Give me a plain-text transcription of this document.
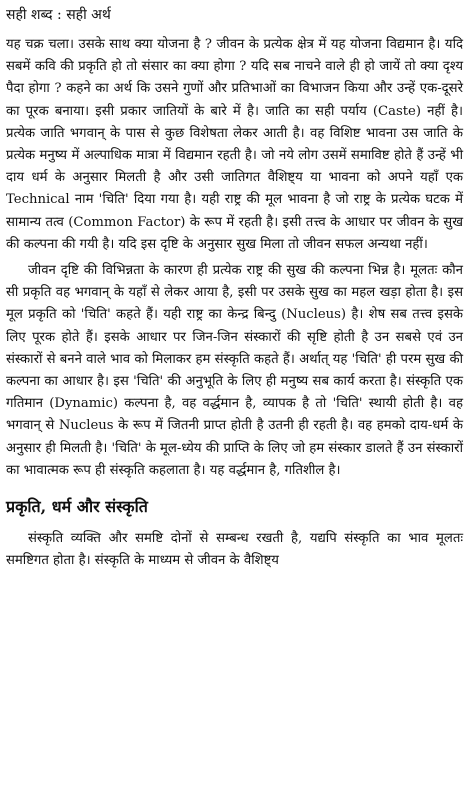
सही शब्द : सही अर्थ

यह चक्र चला। उसके साथ क्या योजना है ? जीवन के प्रत्येक क्षेत्र में यह योजना विद्यमान है। यदि सबमें कवि की प्रकृति हो तो संसार का क्या होगा ? यदि सब नाचने वाले ही हो जायें तो क्या दृश्य पैदा होगा ? कहने का अर्थ कि उसने गुणों और प्रतिभाओं का विभाजन किया और उन्हें एक-दूसरे का पूरक बनाया। इसी प्रकार जातियों के बारे में है। जाति का सही पर्याय (Caste) नहीं है। प्रत्येक जाति भगवान् के पास से कुछ विशेषता लेकर आती है। वह विशिष्ट भावना उस जाति के प्रत्येक मनुष्य में अल्पाधिक मात्रा में विद्यमान रहती है। जो नये लोग उसमें समाविष्ट होते हैं उन्हें भी दाय धर्म के अनुसार मिलती है और उसी जातिगत वैशिष्ट्य या भावना को अपने यहाँ एक Technical नाम 'चिति' दिया गया है। यही राष्ट्र की मूल भावना है जो राष्ट्र के प्रत्येक घटक में सामान्य तत्व (Common Factor) के रूप में रहती है। इसी तत्त्व के आधार पर जीवन के सुख की कल्पना की गयी है। यदि इस दृष्टि के अनुसार सुख मिला तो जीवन सफल अन्यथा नहीं।

जीवन दृष्टि की विभिन्नता के कारण ही प्रत्येक राष्ट्र की सुख की कल्पना भिन्न है। मूलतः कौन सी प्रकृति वह भगवान् के यहाँ से लेकर आया है, इसी पर उसके सुख का महल खड़ा होता है। इस मूल प्रकृति को 'चिति' कहते हैं। यही राष्ट्र का केन्द्र बिन्दु (Nucleus) है। शेष सब तत्त्व इसके लिए पूरक होते हैं। इसके आधार पर जिन-जिन संस्कारों की सृष्टि होती है उन सबसे एवं उन संस्कारों से बनने वाले भाव को मिलाकर हम संस्कृति कहते हैं। अर्थात् यह 'चिति' ही परम सुख की कल्पना का आधार है। इस 'चिति' की अनुभूति के लिए ही मनुष्य सब कार्य करता है। संस्कृति एक गतिमान (Dynamic) कल्पना है, वह वर्द्धमान है, व्यापक है तो 'चिति' स्थायी होती है। वह भगवान् से Nucleus के रूप में जितनी प्राप्त होती है उतनी ही रहती है। वह हमको दाय-धर्म के अनुसार ही मिलती है। 'चिति' के मूल-ध्येय की प्राप्ति के लिए जो हम संस्कार डालते हैं उन संस्कारों का भावात्मक रूप ही संस्कृति कहलाता है। यह वर्द्धमान है, गतिशील है।

प्रकृति, धर्म और संस्कृति

संस्कृति व्यक्ति और समष्टि दोनों से सम्बन्ध रखती है, यद्यपि संस्कृति का भाव मूलतः समष्टिगत होता है। संस्कृति के माध्यम से जीवन के वैशिष्ट्य
